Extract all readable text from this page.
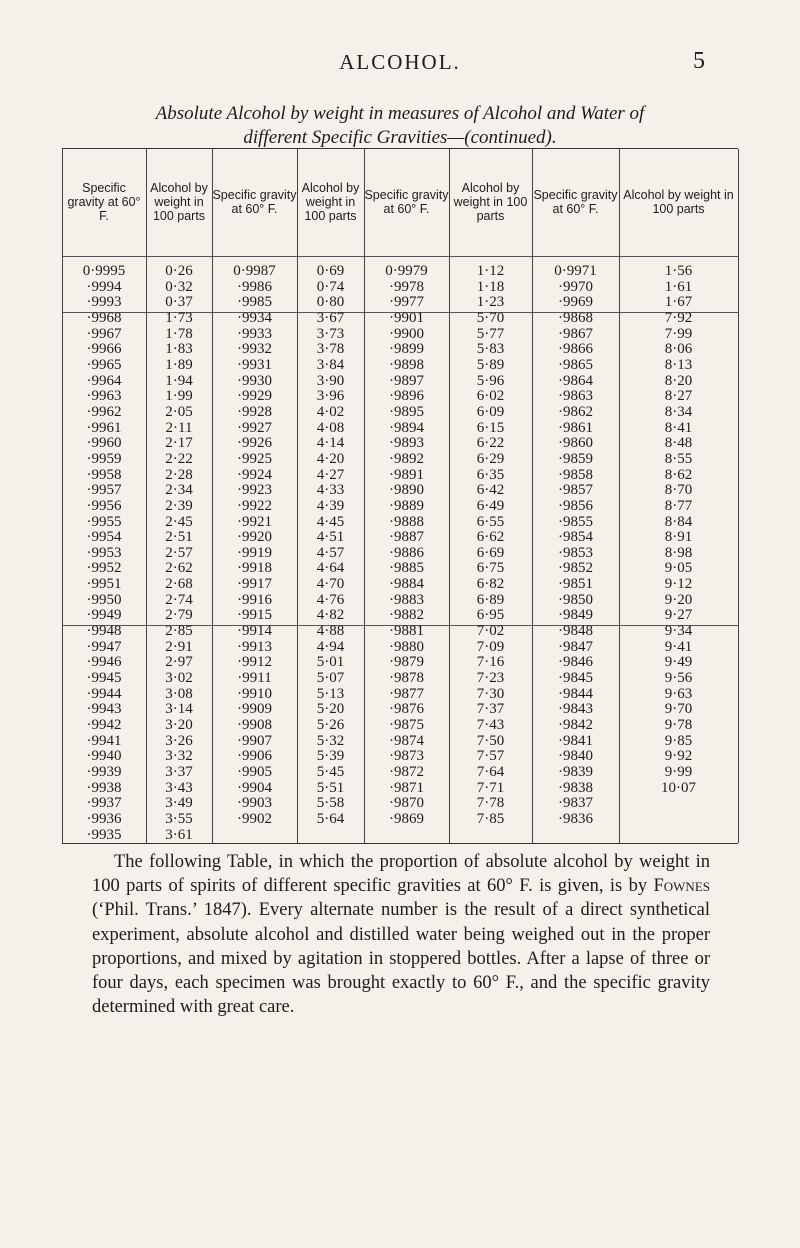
ALCOHOL.	5
Absolute Alcohol by weight in measures of Alcohol and Water of
different Specific Gravities—(continued).
Specific gravity at 60° F.
Alcohol by weight in 100 parts
Specific gravity at 60° F.
Alcohol by weight in 100 parts
Specific gravity at 60° F.
Alcohol by weight in 100 parts
Specific gravity at 60° F.
Alcohol by weight in 100 parts
0·9995
·9994
·9993
·9968
·9967
·9966
·9965
·9964
·9963
·9962
·9961
·9960
·9959
·9958
·9957
·9956
·9955
·9954
·9953
·9952
·9951
·9950
·9949
·9948
·9947
·9946
·9945
·9944
·9943
·9942
·9941
·9940
·9939
·9938
·9937
·9936
·9935
0·26
0·32
0·37
1·73
1·78
1·83
1·89
1·94
1·99
2·05
2·11
2·17
2·22
2·28
2·34
2·39
2·45
2·51
2·57
2·62
2·68
2·74
2·79
2·85
2·91
2·97
3·02
3·08
3·14
3·20
3·26
3·32
3·37
3·43
3·49
3·55
3·61
0·9987
·9986
·9985
·9934
·9933
·9932
·9931
·9930
·9929
·9928
·9927
·9926
·9925
·9924
·9923
·9922
·9921
·9920
·9919
·9918
·9917
·9916
·9915
·9914
·9913
·9912
·9911
·9910
·9909
·9908
·9907
·9906
·9905
·9904
·9903
·9902
0·69
0·74
0·80
3·67
3·73
3·78
3·84
3·90
3·96
4·02
4·08
4·14
4·20
4·27
4·33
4·39
4·45
4·51
4·57
4·64
4·70
4·76
4·82
4·88
4·94
5·01
5·07
5·13
5·20
5·26
5·32
5·39
5·45
5·51
5·58
5·64
0·9979
·9978
·9977
·9901
·9900
·9899
·9898
·9897
·9896
·9895
·9894
·9893
·9892
·9891
·9890
·9889
·9888
·9887
·9886
·9885
·9884
·9883
·9882
·9881
·9880
·9879
·9878
·9877
·9876
·9875
·9874
·9873
·9872
·9871
·9870
·9869
1·12
1·18
1·23
5·70
5·77
5·83
5·89
5·96
6·02
6·09
6·15
6·22
6·29
6·35
6·42
6·49
6·55
6·62
6·69
6·75
6·82
6·89
6·95
7·02
7·09
7·16
7·23
7·30
7·37
7·43
7·50
7·57
7·64
7·71
7·78
7·85
0·9971
·9970
·9969
·9868
·9867
·9866
·9865
·9864
·9863
·9862
·9861
·9860
·9859
·9858
·9857
·9856
·9855
·9854
·9853
·9852
·9851
·9850
·9849
·9848
·9847
·9846
·9845
·9844
·9843
·9842
·9841
·9840
·9839
·9838
·9837
·9836
1·56
1·61
1·67
7·92
7·99
8·06
8·13
8·20
8·27
8·34
8·41
8·48
8·55
8·62
8·70
8·77
8·84
8·91
8·98
9·05
9·12
9·20
9·27
9·34
9·41
9·49
9·56
9·63
9·70
9·78
9·85
9·92
9·99
10·07

The following Table, in which the proportion of absolute alcohol by weight in 100 parts of spirits of different specific gravities at 60° F. is given, is by Fownes (‘Phil. Trans.’ 1847). Every alternate number is the result of a direct synthetical experiment, absolute alcohol and distilled water being weighed out in the proper proportions, and mixed by agitation in stoppered bottles. After a lapse of three or four days, each specimen was brought exactly to 60° F., and the specific gravity determined with great care.
